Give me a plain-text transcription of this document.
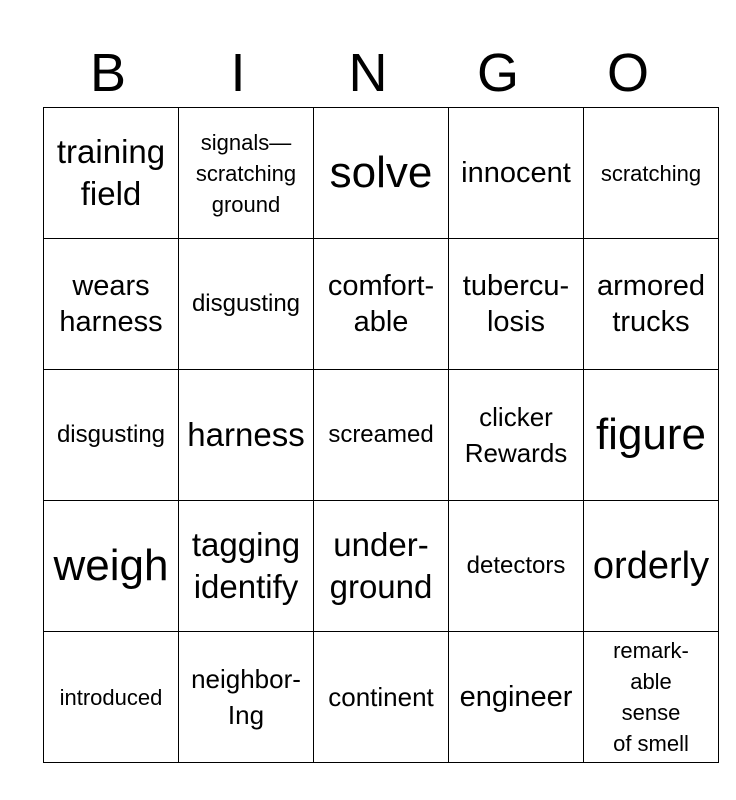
B	I	N	G	O
training
field	signals—
scratching
ground	solve	innocent	scratching

wears
harness	disgusting	comfort-
able	tubercu-
losis	armored
trucks

disgusting	harness	screamed	clicker
Rewards	figure

weigh	tagging
identify	under-
ground	detectors	orderly

introduced	neighbor-
Ing	continent	engineer	remark-
able
sense
of smell
